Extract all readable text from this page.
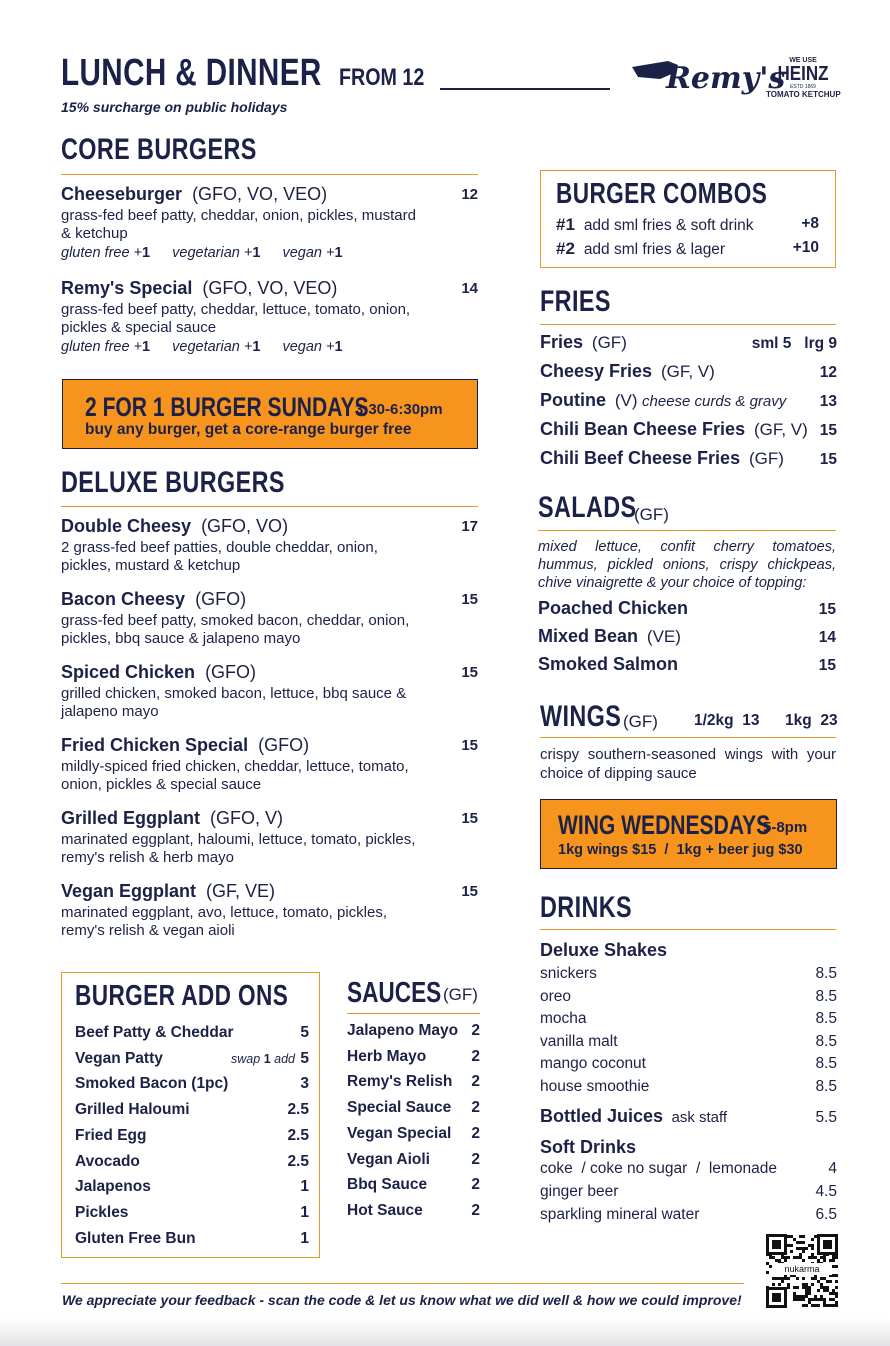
LUNCH & DINNER FROM 12
15% surcharge on public holidays
Remy's
WE USE
HEINZ
ESTD 1869
TOMATO KETCHUP
CORE BURGERS
Cheeseburger (GFO, VO, VEO)	12
grass-fed beef patty, cheddar, onion, pickles, mustard & ketchup
gluten free +1 vegetarian +1 vegan +1
Remy's Special (GFO, VO, VEO)	14
grass-fed beef patty, cheddar, lettuce, tomato, onion, pickles & special sauce
gluten free +1 vegetarian +1 vegan +1
2 FOR 1 BURGER SUNDAYS
3:30-6:30pm
buy any burger, get a core-range burger free
DELUXE BURGERS
Double Cheesy (GFO, VO)	17
2 grass-fed beef patties, double cheddar, onion, pickles, mustard & ketchup
Bacon Cheesy (GFO)	15
grass-fed beef patty, smoked bacon, cheddar, onion, pickles, bbq sauce & jalapeno mayo
Spiced Chicken (GFO)	15
grilled chicken, smoked bacon, lettuce, bbq sauce & jalapeno mayo
Fried Chicken Special (GFO)	15
mildly-spiced fried chicken, cheddar, lettuce, tomato, onion, pickles & special sauce
Grilled Eggplant (GFO, V)	15
marinated eggplant, haloumi, lettuce, tomato, pickles, remy's relish & herb mayo
Vegan Eggplant (GF, VE)	15
marinated eggplant, avo, lettuce, tomato, pickles, remy's relish & vegan aioli
BURGER ADD ONS
Beef Patty & Cheddar	5
Vegan Patty	swap 1 add 5
Smoked Bacon (1pc)	3
Grilled Haloumi	2.5
Fried Egg	2.5
Avocado	2.5
Jalapenos	1
Pickles	1
Gluten Free Bun	1
SAUCES (GF)
Jalapeno Mayo 2
Herb Mayo	2
Remy's Relish 2
Special Sauce 2
Vegan Special 2
Vegan Aioli	2
Bbq Sauce	2
Hot Sauce	2
BURGER COMBOS
#1 add sml fries & soft drink	+8
#2 add sml fries & lager	+10
FRIES
Fries (GF)	sml 5   lrg 9
Cheesy Fries (GF, V)	12
Poutine (V) cheese curds & gravy 13
Chili Bean Cheese Fries (GF, V) 15
Chili Beef Cheese Fries (GF) 15
SALADS
(GF)
mixed lettuce, confit cherry tomatoes, hummus, pickled onions, crispy chickpeas, chive vinaigrette & your choice of topping:
Poached Chicken	15
Mixed Bean (VE)	14
Smoked Salmon	15
WINGS (GF) 1/2kg 13 1kg 23
crispy southern-seasoned wings with your choice of dipping sauce
WING WEDNESDAYS
5-8pm
1kg wings $15  /  1kg + beer jug $30
DRINKS
Deluxe Shakes
snickers	8.5
oreo	8.5
mocha	8.5
vanilla malt	8.5
mango coconut	8.5
house smoothie	8.5
Bottled Juices ask staff	5.5
Soft Drinks
coke  / coke no sugar  /  lemonade	4
ginger beer	4.5
sparkling mineral water	6.5
nukarma
We appreciate your feedback - scan the code & let us know what we did well & how we could improve!
